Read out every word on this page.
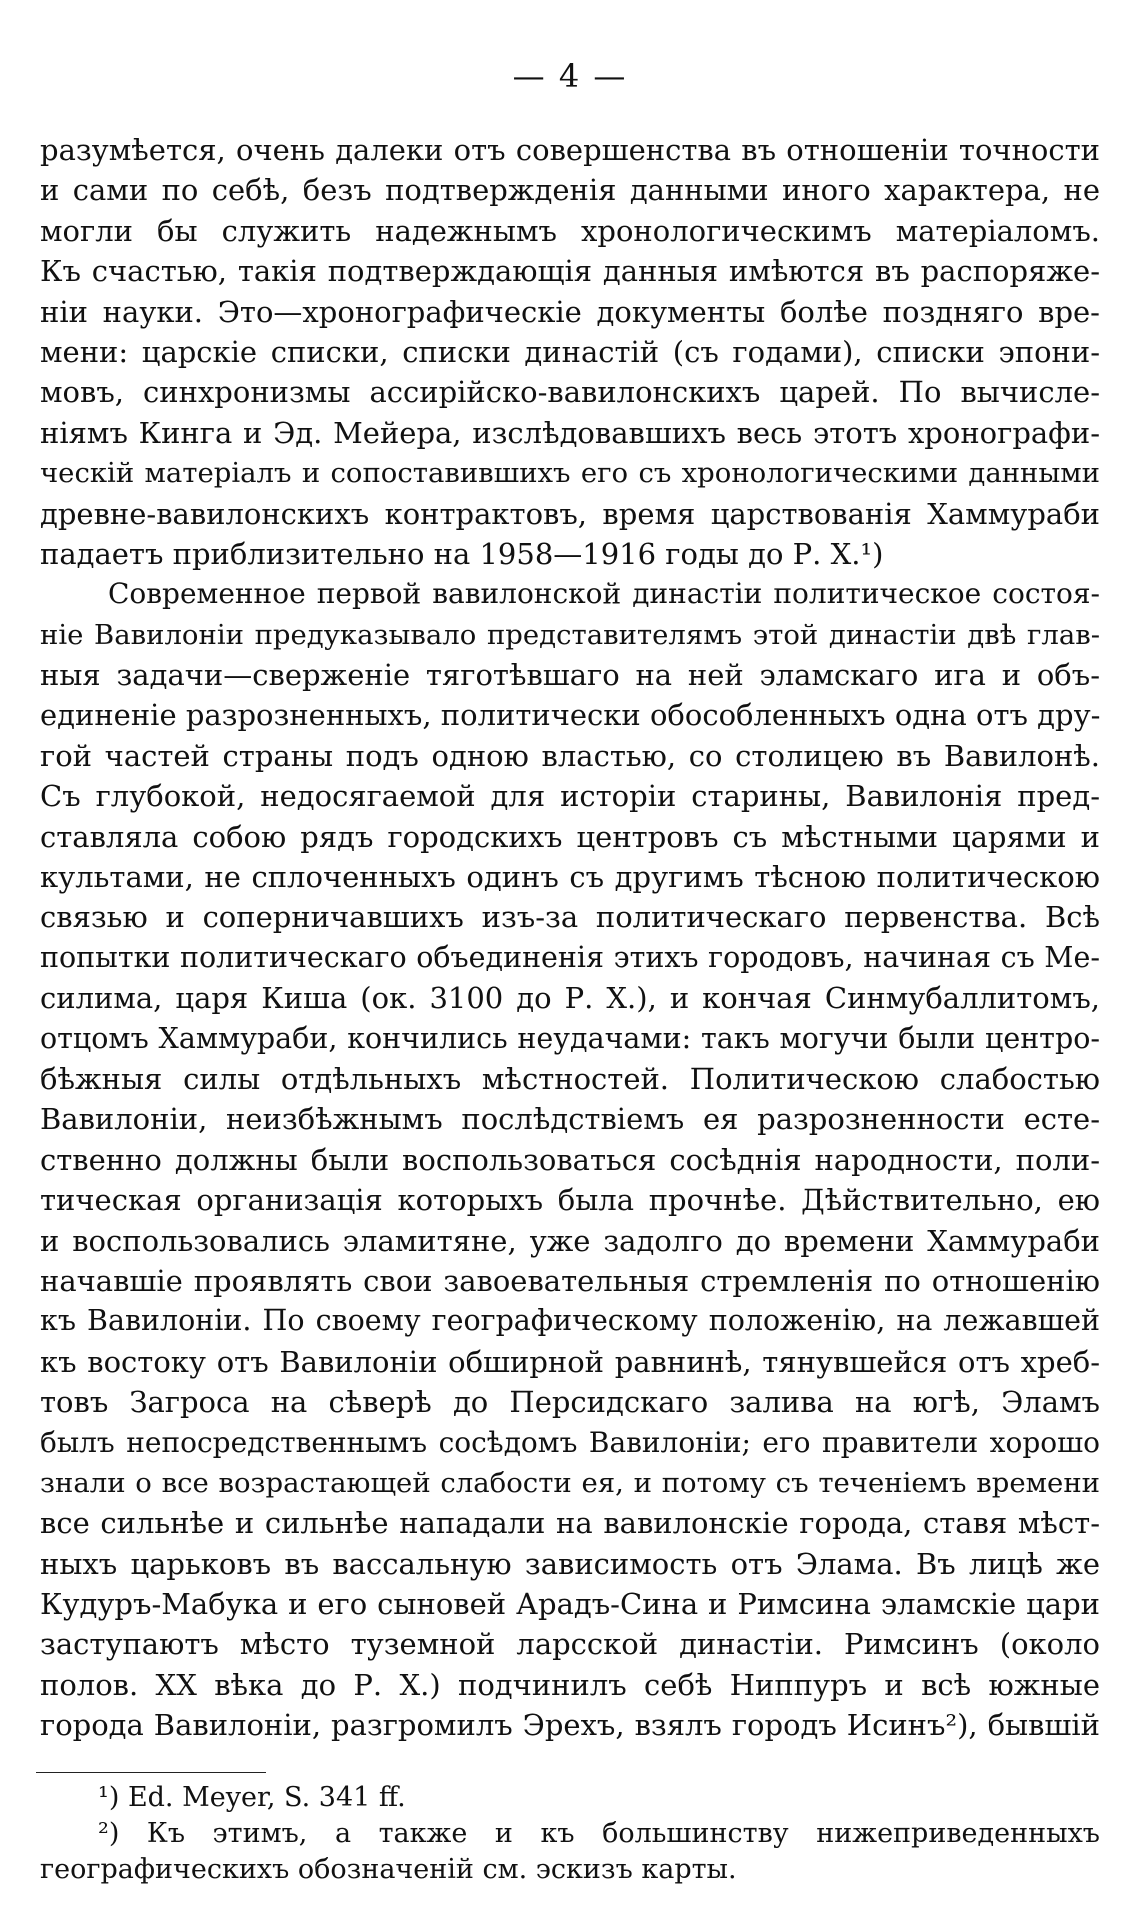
— 4 —
разумѣется, очень далеки отъ совершенства въ отношеніи точности
и сами по себѣ, безъ подтвержденія данными иного характера, не
могли бы служить надежнымъ хронологическимъ матеріаломъ.
Къ счастью, такія подтверждающія данныя имѣются въ распоряже-
ніи науки. Это—хронографическіе документы болѣе поздняго вре-
мени: царскіе списки, списки династій (съ годами), списки эпони-
мовъ, синхронизмы ассирійско-вавилонскихъ царей. По вычисле-
ніямъ Кинга и Эд. Мейера, изслѣдовавшихъ весь этотъ хронографи-
ческій матеріалъ и сопоставившихъ его съ хронологическими данными
древне-вавилонскихъ контрактовъ, время царствованія Хаммураби
падаетъ приблизительно на 1958—1916 годы до Р. Х.¹)
Современное первой вавилонской династіи политическое состоя-
ніе Вавилоніи предуказывало представителямъ этой династіи двѣ глав-
ныя задачи—сверженіе тяготѣвшаго на ней эламскаго ига и объ-
единеніе разрозненныхъ, политически обособленныхъ одна отъ дру-
гой частей страны подъ одною властью, со столицею въ Вавилонѣ.
Съ глубокой, недосягаемой для исторіи старины, Вавилонія пред-
ставляла собою рядъ городскихъ центровъ съ мѣстными царями и
культами, не сплоченныхъ одинъ съ другимъ тѣсною политическою
связью и соперничавшихъ изъ-за политическаго первенства. Всѣ
попытки политическаго объединенія этихъ городовъ, начиная съ Ме-
силима, царя Киша (ок. 3100 до Р. Х.), и кончая Синмубаллитомъ,
отцомъ Хаммураби, кончились неудачами: такъ могучи были центро-
бѣжныя силы отдѣльныхъ мѣстностей. Политическою слабостью
Вавилоніи, неизбѣжнымъ послѣдствіемъ ея разрозненности есте-
ственно должны были воспользоваться сосѣднія народности, поли-
тическая организація которыхъ была прочнѣе. Дѣйствительно, ею
и воспользовались эламитяне, уже задолго до времени Хаммураби
начавшіе проявлять свои завоевательныя стремленія по отношенію
къ Вавилоніи. По своему географическому положенію, на лежавшей
къ востоку отъ Вавилоніи обширной равнинѣ, тянувшейся отъ хреб-
товъ Загроса на сѣверѣ до Персидскаго залива на югѣ, Эламъ
былъ непосредственнымъ сосѣдомъ Вавилоніи; его правители хорошо
знали о все возрастающей слабости ея, и потому съ теченіемъ времени
все сильнѣе и сильнѣе нападали на вавилонскіе города, ставя мѣст-
ныхъ царьковъ въ вассальную зависимость отъ Элама. Въ лицѣ же
Кудуръ-Мабука и его сыновей Арадъ-Сина и Римсина эламскіе цари
заступаютъ мѣсто туземной ларсской династіи. Римсинъ (около
полов. XX вѣка до Р. Х.) подчинилъ себѣ Ниппуръ и всѣ южные
города Вавилоніи, разгромилъ Эрехъ, взялъ городъ Исинъ²), бывшій
¹) Ed. Meyer, S. 341 ff.
²) Къ этимъ, а также и къ большинству нижеприведенныхъ
географическихъ обозначеній см. эскизъ карты.
